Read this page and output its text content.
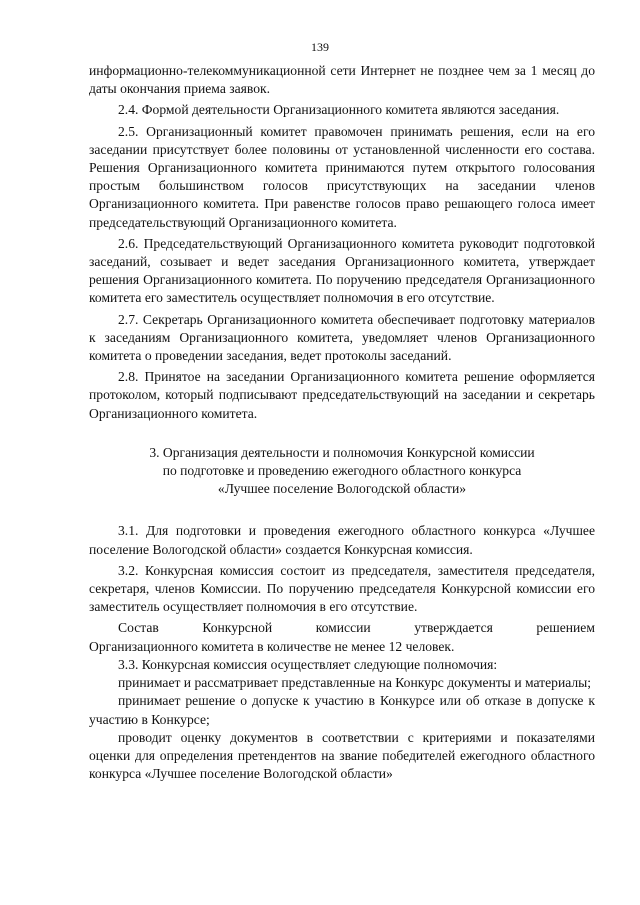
139

информационно-телекоммуникационной сети Интернет не позднее чем за 1 месяц до даты окончания приема заявок.

2.4. Формой деятельности Организационного комитета являются заседания.

2.5. Организационный комитет правомочен принимать решения, если на его заседании присутствует более половины от установленной численности его состава. Решения Организационного комитета принимаются путем открытого голосования простым большинством голосов присутствующих на заседании членов Организационного комитета. При равенстве голосов право решающего голоса имеет председательствующий Организационного комитета.

2.6. Председательствующий Организационного комитета руководит подготовкой заседаний, созывает и ведет заседания Организационного комитета, утверждает решения Организационного комитета. По поручению председателя Организационного комитета его заместитель осуществляет полномочия в его отсутствие.

2.7. Секретарь Организационного комитета обеспечивает подготовку материалов к заседаниям Организационного комитета, уведомляет членов Организационного комитета о проведении заседания, ведет протоколы заседаний.

2.8. Принятое на заседании Организационного комитета решение оформляется протоколом, который подписывают председательствующий на заседании и секретарь Организационного комитета.

3. Организация деятельности и полномочия Конкурсной комиссии
по подготовке и проведению ежегодного областного конкурса
«Лучшее поселение Вологодской области»

3.1. Для подготовки и проведения ежегодного областного конкурса «Лучшее поселение Вологодской области» создается Конкурсная комиссия.

3.2. Конкурсная комиссия состоит из председателя, заместителя председателя, секретаря, членов Комиссии. По поручению председателя Конкурсной комиссии его заместитель осуществляет полномочия в его отсутствие.

Состав	Конкурсной	комиссии	утверждается	решением

Организационного комитета в количестве не менее 12 человек.

3.3. Конкурсная комиссия осуществляет следующие полномочия:

принимает и рассматривает представленные на Конкурс документы и материалы;

принимает решение о допуске к участию в Конкурсе или об отказе в допуске к участию в Конкурсе;

проводит оценку документов в соответствии с критериями и показателями оценки для определения претендентов на звание победителей ежегодного областного конкурса «Лучшее поселение Вологодской области»
